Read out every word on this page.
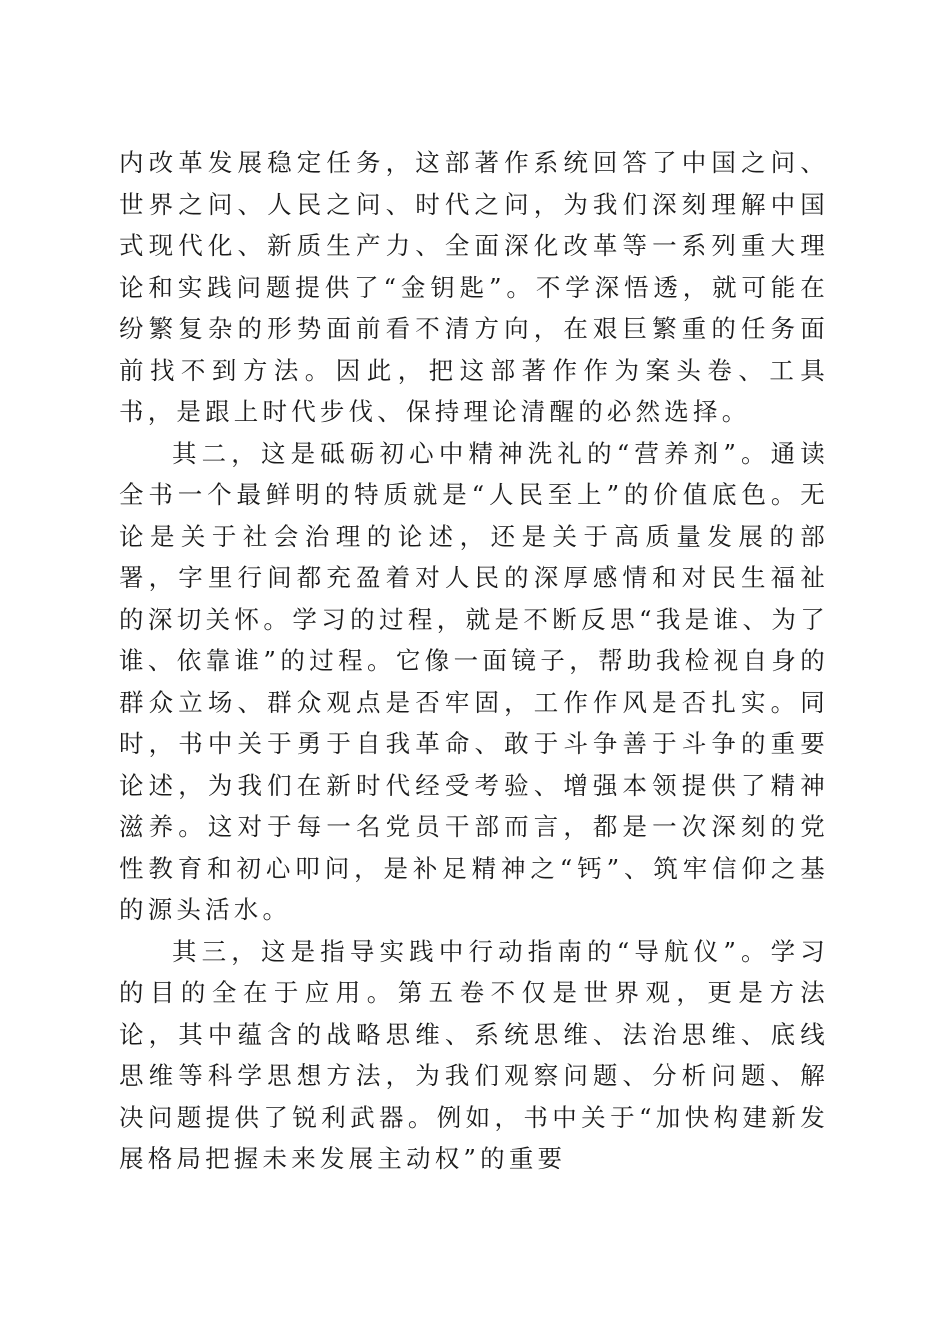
内改革发展稳定任务，这部著作系统回答了中国之问、世界之问、人民之问、时代之问，为我们深刻理解中国式现代化、新质生产力、全面深化改革等一系列重大理论和实践问题提供了“金钥匙”。不学深悟透，就可能在纷繁复杂的形势面前看不清方向，在艰巨繁重的任务面前找不到方法。因此，把这部著作作为案头卷、工具书，是跟上时代步伐、保持理论清醒的必然选择。

其二，这是砥砺初心中精神洗礼的“营养剂”。通读全书一个最鲜明的特质就是“人民至上”的价值底色。无论是关于社会治理的论述，还是关于高质量发展的部署，字里行间都充盈着对人民的深厚感情和对民生福祉的深切关怀。学习的过程，就是不断反思“我是谁、为了谁、依靠谁”的过程。它像一面镜子，帮助我检视自身的群众立场、群众观点是否牢固，工作作风是否扎实。同时，书中关于勇于自我革命、敢于斗争善于斗争的重要论述，为我们在新时代经受考验、增强本领提供了精神滋养。这对于每一名党员干部而言，都是一次深刻的党性教育和初心叩问，是补足精神之“钙”、筑牢信仰之基的源头活水。

其三，这是指导实践中行动指南的“导航仪”。学习的目的全在于应用。第五卷不仅是世界观，更是方法论，其中蕴含的战略思维、系统思维、法治思维、底线思维等科学思想方法，为我们观察问题、分析问题、解决问题提供了锐利武器。例如，书中关于“加快构建新发展格局把握未来发展主动权”的重要
